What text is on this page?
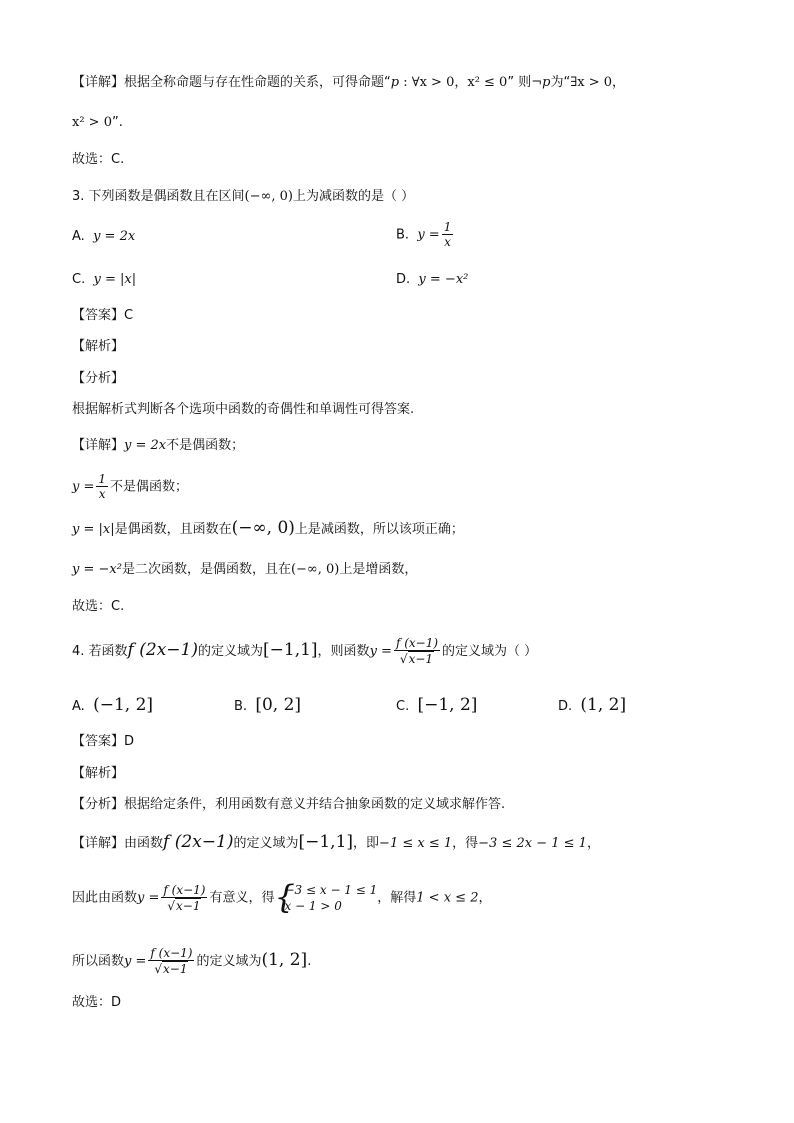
【详解】根据全称命题与存在性命题的关系，可得命题“p : ∀x > 0，x² ≤ 0” 则¬p为“∃x > 0，
x² > 0”.
故选：C.
3. 下列函数是偶函数且在区间(−∞, 0)上为减函数的是（ ）
A. y = 2x	B. $y = \frac{1}{x}$
C. y = |x|	D. y = −x²
【答案】C
【解析】
【分析】
根据解析式判断各个选项中函数的奇偶性和单调性可得答案.
【详解】y = 2x不是偶函数；
$y = \frac{1}{x}$ 不是偶函数；
y = |x|是偶函数，且函数在(−∞, 0)上是减函数，所以该项正确；
y = −x²是二次函数，是偶函数，且在(−∞, 0)上是增函数，
故选：C.
4. 若函数f (2x−1)的定义域为[−1,1]，则函数$y = \frac{f (x-1)}{√x-1}$ 的定义域为（ ）
A. (−1, 2]	B. [0, 2]	C. [−1, 2]	D. (1, 2]
【答案】D
【解析】
【分析】根据给定条件，利用函数有意义并结合抽象函数的定义域求解作答.
【详解】由函数f (2x−1)的定义域为[−1,1]，即−1 ≤ x ≤ 1，得−3 ≤ 2x − 1 ≤ 1，
因此由函数$y = \frac{f (x-1)}{√x-1}$ 有意义，得 {
−3 ≤ x − 1 ≤ 1
x − 1 > 0
，解得1 < x ≤ 2，
所以函数$y = \frac{f (x-1)}{√x-1}$ 的定义域为(1, 2].
故选：D
